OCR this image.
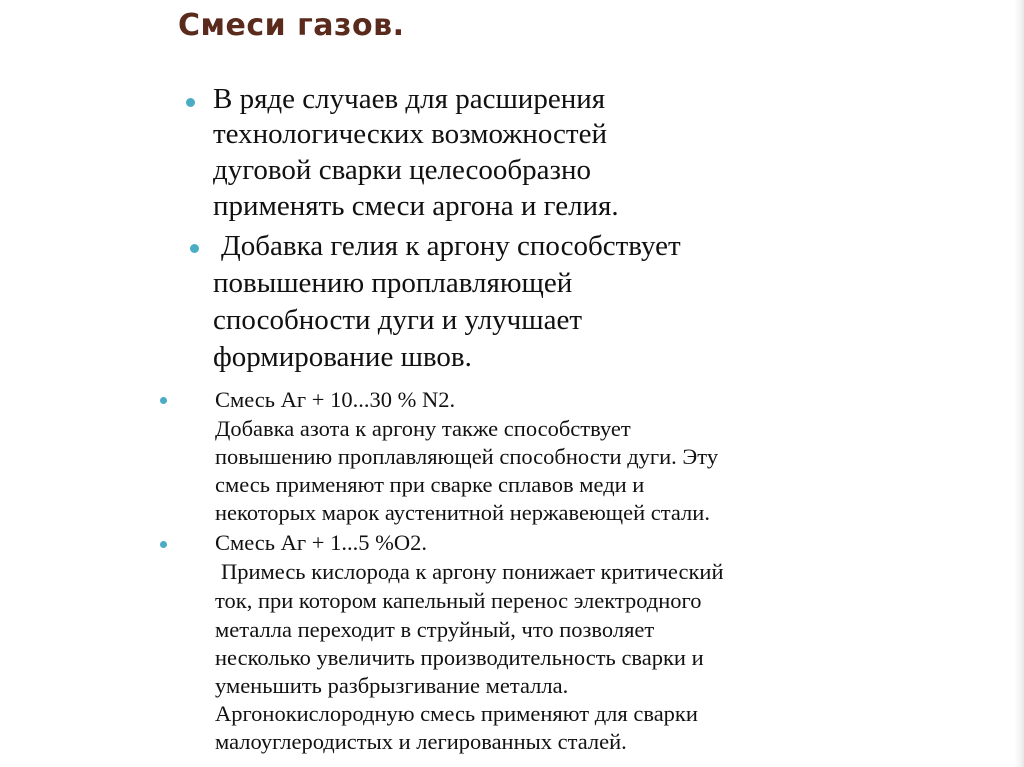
Смеси газов.

В ряде случаев для расширения

технологических возможностей

дуговой сварки целесообразно

применять смеси аргона и гелия.

Добавка гелия к аргону способствует

повышению проплавляющей

способности дуги и улучшает

формирование швов.

Смесь Аг + 10...30 % N2.

Добавка азота к аргону также способствует

повышению проплавляющей способности дуги. Эту

смесь применяют при сварке сплавов меди и

некоторых марок аустенитной нержавеющей стали.

Смесь Аг + 1...5 %О2.

Примесь кислорода к аргону понижает критический

ток, при котором капельный перенос электродного

металла переходит в струйный, что позволяет

несколько увеличить производительность сварки и

уменьшить разбрызгивание металла.

Аргонокислородную смесь применяют для сварки

малоуглеродистых и легированных сталей.
